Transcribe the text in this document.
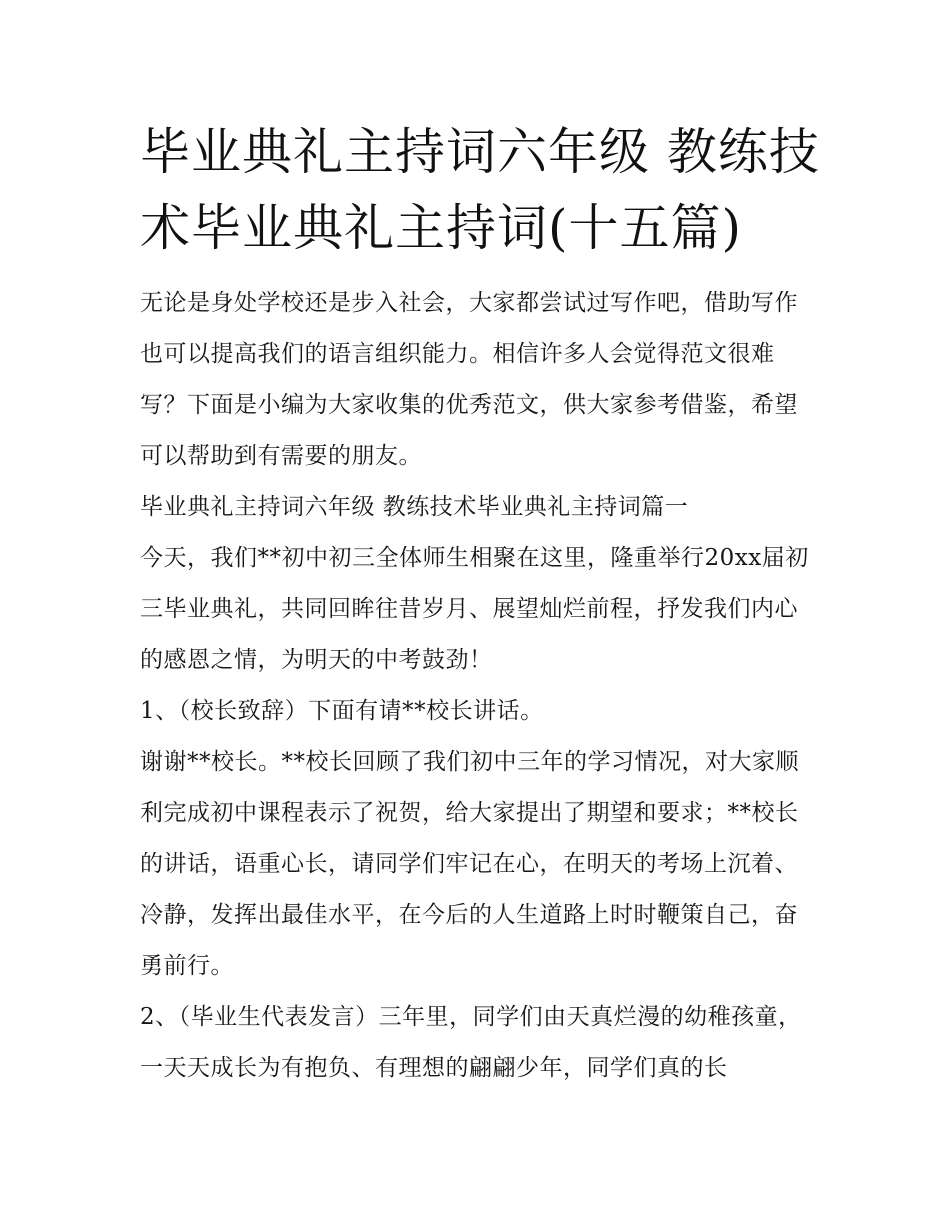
毕业典礼主持词六年级 教练技术毕业典礼主持词(十五篇)

无论是身处学校还是步入社会，大家都尝试过写作吧，借助写作也可以提高我们的语言组织能力。相信许多人会觉得范文很难写？下面是小编为大家收集的优秀范文，供大家参考借鉴，希望可以帮助到有需要的朋友。

毕业典礼主持词六年级 教练技术毕业典礼主持词篇一

今天，我们**初中初三全体师生相聚在这里，隆重举行20xx届初三毕业典礼，共同回眸往昔岁月、展望灿烂前程，抒发我们内心的感恩之情，为明天的中考鼓劲！

1、（校长致辞）下面有请**校长讲话。

谢谢**校长。**校长回顾了我们初中三年的学习情况，对大家顺利完成初中课程表示了祝贺，给大家提出了期望和要求；**校长的讲话，语重心长，请同学们牢记在心，在明天的考场上沉着、冷静，发挥出最佳水平，在今后的人生道路上时时鞭策自己，奋勇前行。

2、（毕业生代表发言）三年里，同学们由天真烂漫的幼稚孩童，一天天成长为有抱负、有理想的翩翩少年，同学们真的长
